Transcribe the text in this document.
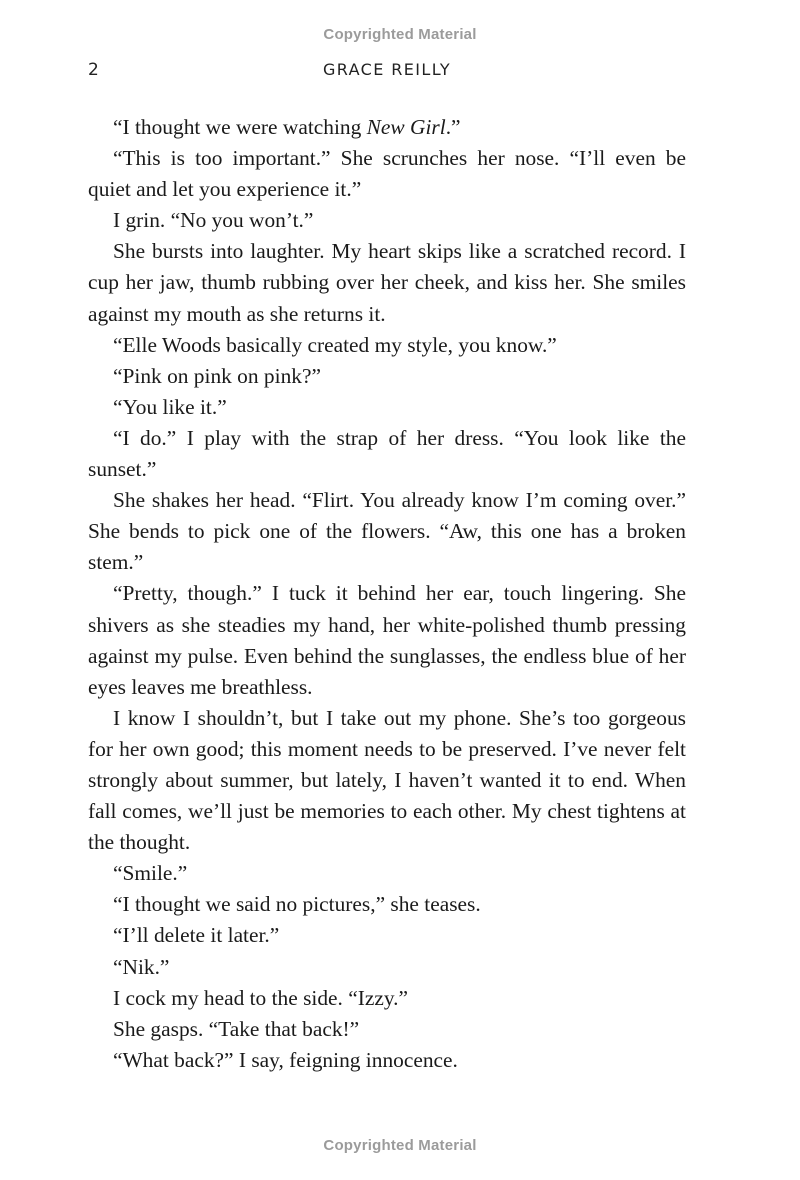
Copyrighted Material
2	GRACE REILLY

“I thought we were watching New Girl.”

“This is too important.” She scrunches her nose. “I’ll even be quiet and let you experience it.”

I grin. “No you won’t.”

She bursts into laughter. My heart skips like a scratched record. I cup her jaw, thumb rubbing over her cheek, and kiss her. She smiles against my mouth as she returns it.

“Elle Woods basically created my style, you know.”

“Pink on pink on pink?”

“You like it.”

“I do.” I play with the strap of her dress. “You look like the sunset.”

She shakes her head. “Flirt. You already know I’m coming over.” She bends to pick one of the flowers. “Aw, this one has a broken stem.”

“Pretty, though.” I tuck it behind her ear, touch lingering. She shivers as she steadies my hand, her white-polished thumb pressing against my pulse. Even behind the sunglasses, the endless blue of her eyes leaves me breathless.

I know I shouldn’t, but I take out my phone. She’s too gorgeous for her own good; this moment needs to be preserved. I’ve never felt strongly about summer, but lately, I haven’t wanted it to end. When fall comes, we’ll just be memories to each other. My chest tightens at the thought.

“Smile.”

“I thought we said no pictures,” she teases.

“I’ll delete it later.”

“Nik.”

I cock my head to the side. “Izzy.”

She gasps. “Take that back!”

“What back?” I say, feigning innocence.

Copyrighted Material
